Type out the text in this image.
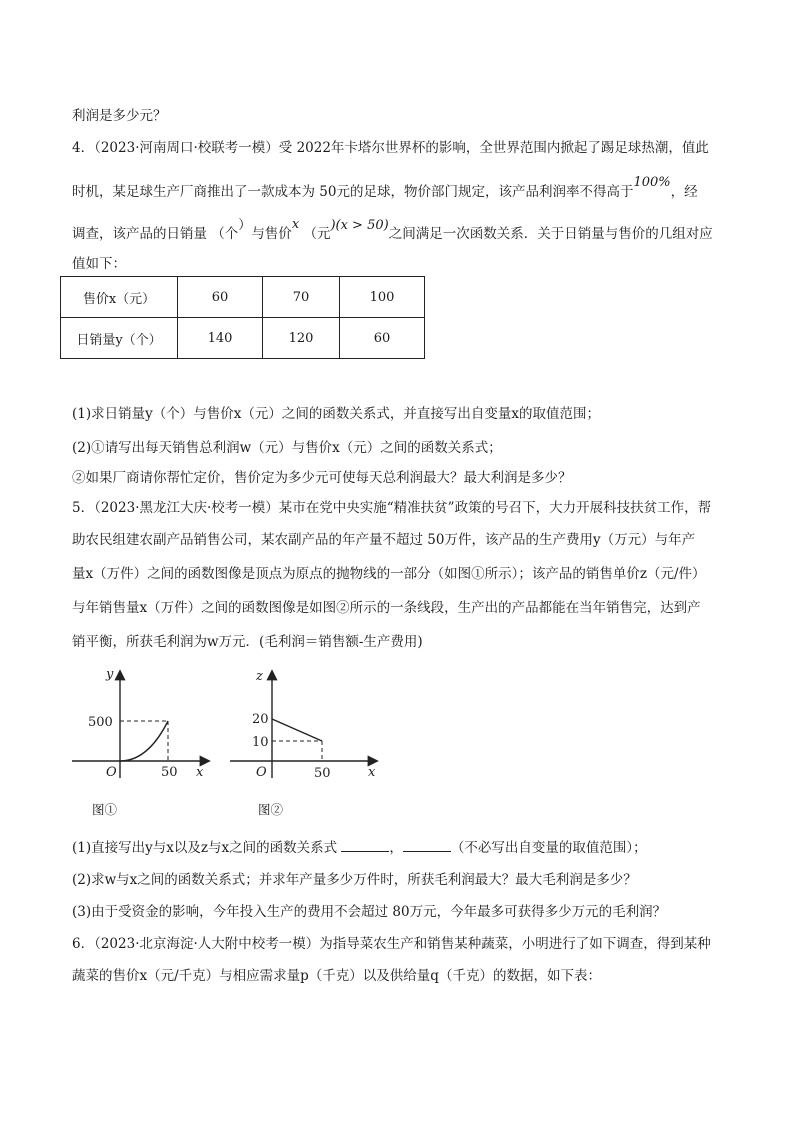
利润是多少元？
4．（2023·河南周口·校联考一模）受 2022年卡塔尔世界杯的影响，全世界范围内掀起了踢足球热潮，值此
时机，某足球生产厂商推出了一款成本为 50元的足球，物价部门规定，该产品利润率不得高于100%，经
调查，该产品的日销量 （个）与售价x （元)(x > 50)之间满足一次函数关系．关于日销量与售价的几组对应
值如下：
售价x（元）	60	70	100
日销量y（个）	140	120	60
(1)求日销量y（个）与售价x（元）之间的函数关系式，并直接写出自变量x的取值范围；
(2)①请写出每天销售总利润w（元）与售价x（元）之间的函数关系式；
②如果厂商请你帮忙定价，售价定为多少元可使每天总利润最大？最大利润是多少？
5．（2023·黑龙江大庆·校考一模）某市在党中央实施“精准扶贫”政策的号召下，大力开展科技扶贫工作，帮
助农民组建农副产品销售公司，某农副产品的年产量不超过 50万件，该产品的生产费用y（万元）与年产
量x（万件）之间的函数图像是顶点为原点的抛物线的一部分（如图①所示）；该产品的销售单价z（元/件）
与年销售量x（万件）之间的函数图像是如图②所示的一条线段，生产出的产品都能在当年销售完，达到产
销平衡，所获毛利润为w万元．(毛利润＝销售额-生产费用)
y
500
O	50 x
图①
z
20
10
O	50	x
图②
(1)直接写出y与x以及z与x之间的函数关系式	，	（不必写出自变量的取值范围）；
(2)求w与x之间的函数关系式；并求年产量多少万件时，所获毛利润最大？最大毛利润是多少？
(3)由于受资金的影响，今年投入生产的费用不会超过 80万元，今年最多可获得多少万元的毛利润？
6．（2023·北京海淀·人大附中校考一模）为指导菜农生产和销售某种蔬菜，小明进行了如下调查，得到某种
蔬菜的售价x（元/千克）与相应需求量p（千克）以及供给量q（千克）的数据，如下表：
